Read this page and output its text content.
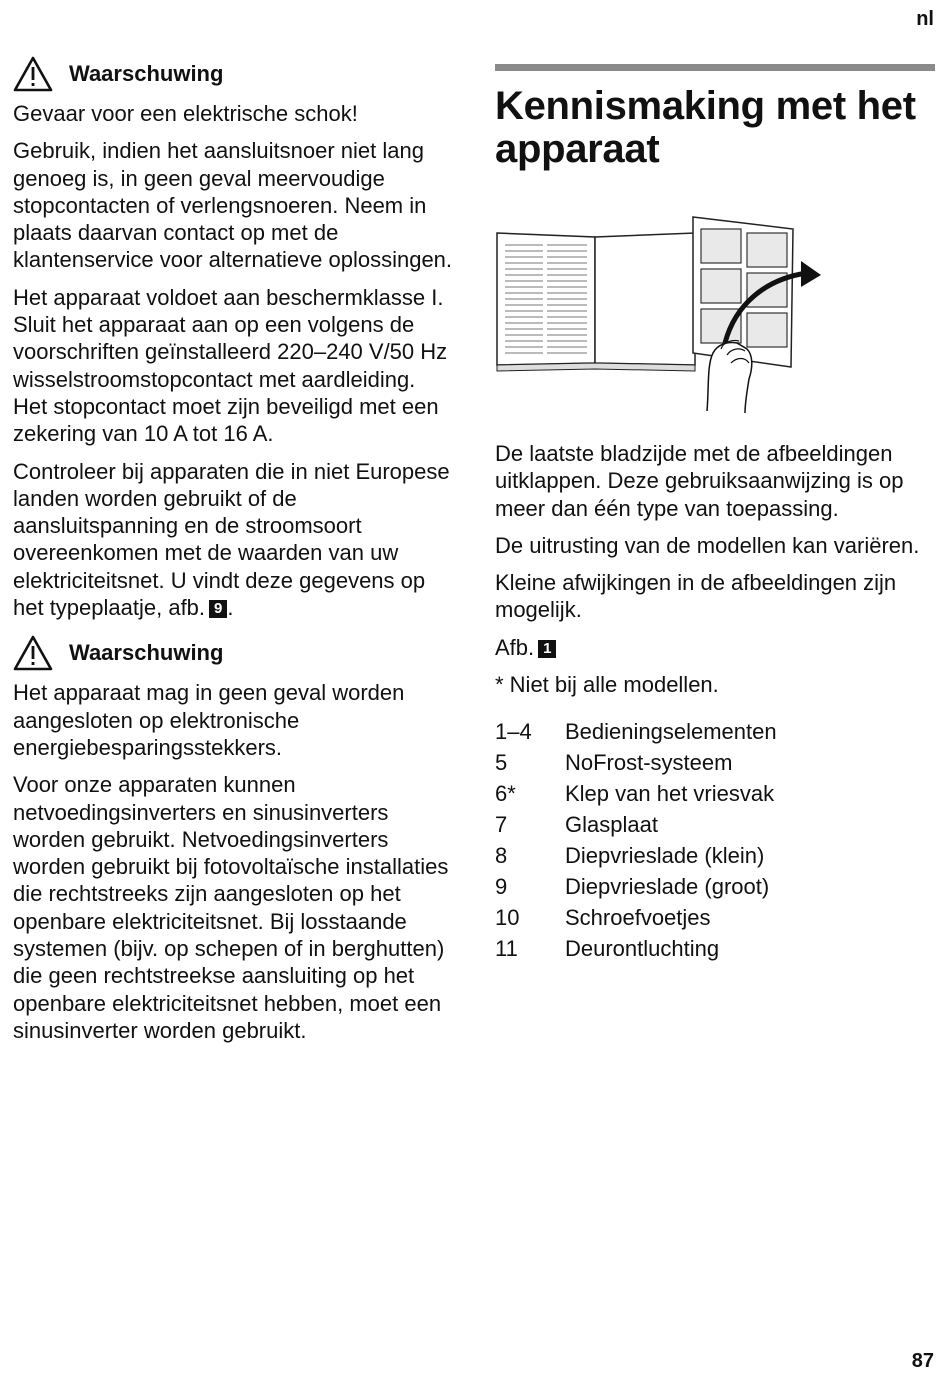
nl
Waarschuwing

Gevaar voor een elektrische schok!

Gebruik, indien het aansluitsnoer niet lang genoeg is, in geen geval meervoudige stopcontacten of verlengsnoeren. Neem in plaats daarvan contact op met de klantenservice voor alternatieve oplossingen.

Het apparaat voldoet aan beschermklasse I. Sluit het apparaat aan op een volgens de voorschriften geïnstalleerd 220–240 V/50 Hz wisselstroomstopcontact met aardleiding. Het stopcontact moet zijn beveiligd met een zekering van 10 A tot 16 A.

Controleer bij apparaten die in niet Europese landen worden gebruikt of de aansluitspanning en de stroomsoort overeenkomen met de waarden van uw elektriciteitsnet. U vindt deze gegevens op het typeplaatje, afb. 9 .

Waarschuwing

Het apparaat mag in geen geval worden aangesloten op elektronische energiebesparingsstekkers.

Voor onze apparaten kunnen netvoedingsinverters en sinusinverters worden gebruikt. Netvoedingsinverters worden gebruikt bij fotovoltaïsche installaties die rechtstreeks zijn aangesloten op het openbare elektriciteitsnet. Bij losstaande systemen (bijv. op schepen of in berghutten) die geen rechtstreekse aansluiting op het openbare elektriciteitsnet hebben, moet een sinusinverter worden gebruikt.

Kennismaking met het apparaat

De laatste bladzijde met de afbeeldingen uitklappen. Deze gebruiksaanwijzing is op meer dan één type van toepassing.

De uitrusting van de modellen kan variëren.

Kleine afwijkingen in de afbeeldingen zijn mogelijk.

Afb. 1

* Niet bij alle modellen.

1–4	Bedieningselementen
5	NoFrost-systeem
6*	Klep van het vriesvak
7	Glasplaat
8	Diepvrieslade (klein)
9	Diepvrieslade (groot)
10	Schroefvoetjes
11	Deurontluchting
87
